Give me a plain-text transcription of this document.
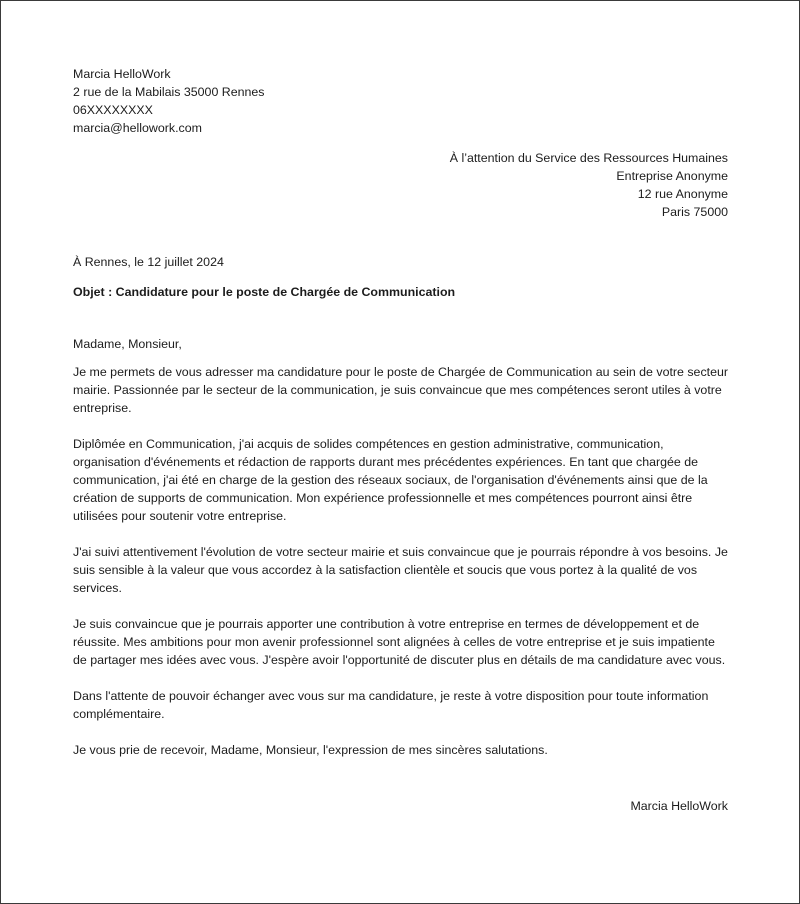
Marcia HelloWork
2 rue de la Mabilais 35000 Rennes
06XXXXXXXX
marcia@hellowork.com
À l’attention du Service des Ressources Humaines
Entreprise Anonyme
12 rue Anonyme
Paris 75000
À Rennes, le 12 juillet 2024
Objet : Candidature pour le poste de Chargée de Communication
Madame, Monsieur,
Je me permets de vous adresser ma candidature pour le poste de Chargée de Communication au sein de votre secteur mairie. Passionnée par le secteur de la communication, je suis convaincue que mes compétences seront utiles à votre entreprise.
Diplômée en Communication, j'ai acquis de solides compétences en gestion administrative, communication, organisation d'événements et rédaction de rapports durant mes précédentes expériences. En tant que chargée de communication, j'ai été en charge de la gestion des réseaux sociaux, de l'organisation d'événements ainsi que de la création de supports de communication. Mon expérience professionnelle et mes compétences pourront ainsi être utilisées pour soutenir votre entreprise.
J'ai suivi attentivement l'évolution de votre secteur mairie et suis convaincue que je pourrais répondre à vos besoins. Je suis sensible à la valeur que vous accordez à la satisfaction clientèle et soucis que vous portez à la qualité de vos services.
Je suis convaincue que je pourrais apporter une contribution à votre entreprise en termes de développement et de réussite. Mes ambitions pour mon avenir professionnel sont alignées à celles de votre entreprise et je suis impatiente de partager mes idées avec vous. J'espère avoir l'opportunité de discuter plus en détails de ma candidature avec vous.
Dans l'attente de pouvoir échanger avec vous sur ma candidature, je reste à votre disposition pour toute information complémentaire.
Je vous prie de recevoir, Madame, Monsieur, l'expression de mes sincères salutations.
Marcia HelloWork
